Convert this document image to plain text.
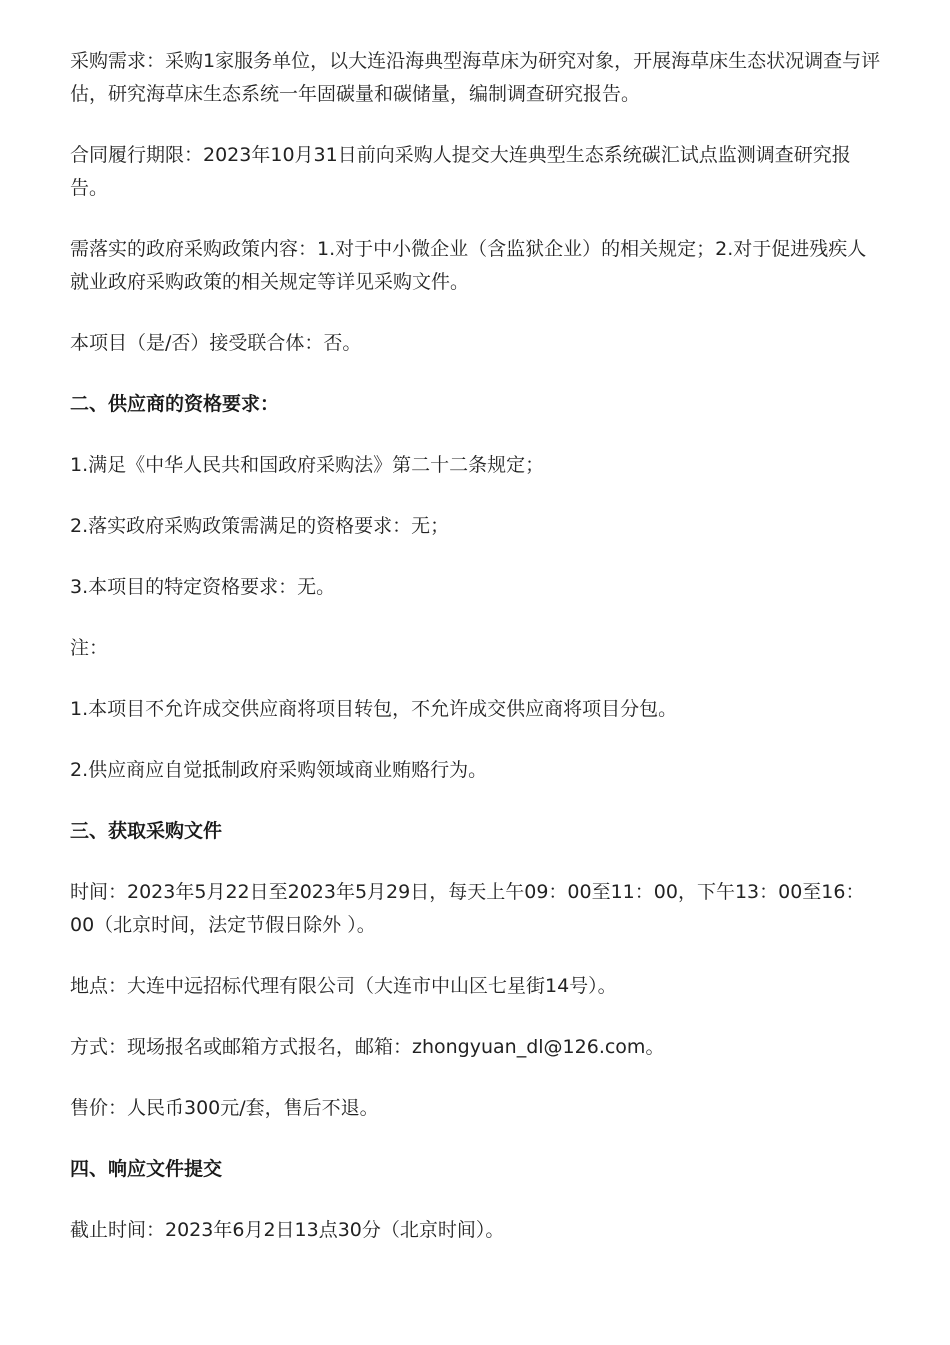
采购需求：采购1家服务单位，以大连沿海典型海草床为研究对象，开展海草床生态状况调查与评估，研究海草床生态系统一年固碳量和碳储量，编制调查研究报告。

合同履行期限：2023年10月31日前向采购人提交大连典型生态系统碳汇试点监测调查研究报告。

需落实的政府采购政策内容：1.对于中小微企业（含监狱企业）的相关规定；2.对于促进残疾人就业政府采购政策的相关规定等详见采购文件。

本项目（是/否）接受联合体：否。

二、供应商的资格要求：

1.满足《中华人民共和国政府采购法》第二十二条规定；

2.落实政府采购政策需满足的资格要求：无；

3.本项目的特定资格要求：无。

注：

1.本项目不允许成交供应商将项目转包，不允许成交供应商将项目分包。

2.供应商应自觉抵制政府采购领域商业贿赂行为。

三、获取采购文件

时间：2023年5月22日至2023年5月29日，每天上午09：00至11：00，下午13：00至16：00（北京时间，法定节假日除外 ）。

地点：大连中远招标代理有限公司（大连市中山区七星街14号）。

方式：现场报名或邮箱方式报名，邮箱：zhongyuan_dl@126.com。

售价：人民币300元/套，售后不退。

四、响应文件提交

截止时间：2023年6月2日13点30分（北京时间）。
